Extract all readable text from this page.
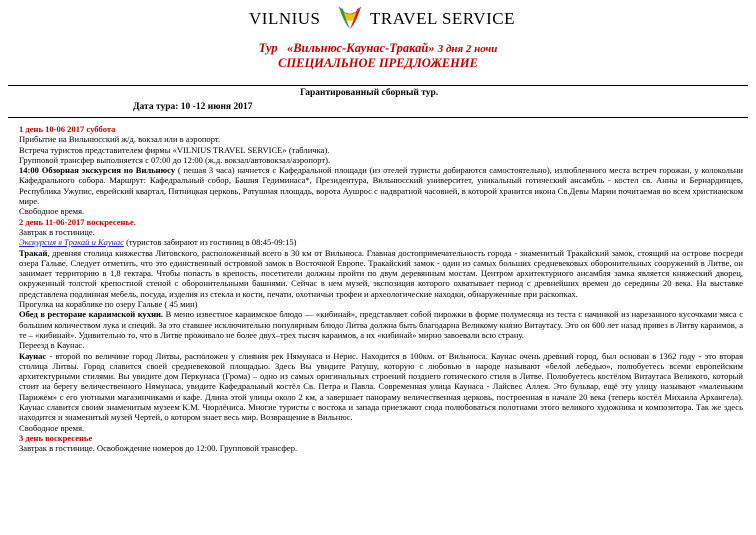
VILNIUS	TRAVEL SERVICE
Тур «Вильнюс-Каунас-Тракай» 3 дня 2 ночи
СПЕЦИАЛЬНОЕ ПРЕДЛОЖЕНИЕ
Гарантированный сборный тур.
Дата тура: 10 -12 июня 2017

1 день 10-06 2017 суббота

Прибытие на Вильнюсский ж/д. вокзал или в аэропорт.

Встреча туристов представителем фирмы «VILNIUS TRAVEL SERVICE» (табличка).

Групповой трансфер выполняется с 07:00 до 12:00 (ж.д. вокзал/автовокзал/аэропорт).

14:00 Обзорная экскурсия по Вильнюсу ( пешая 3 часа) начнется с Кафедральной площади (из отелей туристы добираются самостоятельно), излюбленного места встреч горожан, у колокольни Кафедрального собора. Маршрут: Кафедральный собор, Башня Гедиминаса*, Президентура, Вильнюсский университет, уникальный готический ансамбль - костел св. Анны и Бернардинцев, Республика Ужупис, еврейский квартал, Пятницкая церковь, Ратушная площадь, ворота Аушрос с надвратной часовней, в которой хранится икона Св.Девы Марии почитаемая во всем христианском мире.

Свободное время.

2 день 11-06-2017 воскресенье.

Завтрак в гостинице.

Экскурсия в Тракай и Каунас (туристов забирают из гостиниц в 08:45-09:15)

Тракай, древняя столица княжества Литовского, расположенный всего в 30 км от Вильнюса. Главная достопримечательность города - знаменитый Тракайский замок, стоящий на острове посреди озера Гальве. Следует отметить, что это единственный островной замок в Восточной Европе. Тракайский замок - один из самых больших средневековых оборонительных сооружений в Литве, он занимает территорию в 1,8 гектара. Чтобы попасть в крепость, посетители должны пройти по двум деревянным мостам. Центром архитектурного ансамбля замка является княжеский дворец, окруженный толстой крепостной стеной с оборонительными башнями. Сейчас в нем музей, экспозиция которого охватывает период с древнейших времен до середины 20 века. На выставке представлена подлинная мебель, посуда, изделия из стекла и кости, печати, охотничьи трофеи и археологические находки, обнаруженные при раскопках.

Прогулка на кораблике по озеру Гальве ( 45 мин)

Обед в ресторане караимской кухни. В меню известное караимское блюдо — «кибинай», представляет собой пирожки в форме полумесяца из теста с начинкой из нарезанного кусочками мяса с большим количеством лука и специй. За это ставшее исключительно популярным блюдо Литва должна быть благодарна Великому князю Витаутасу. Это он 600 лет назад привез в Литву караимов, а те – «кибинай». Удивительно то, что в Литве проживало не более двух–трех тысяч караимов, а их «кибинай» мирно завоевали всю страну.

Переезд в Каунас.

Каунас - второй по величине город Литвы, расположен у слияния рек Нямунаса и Нерис. Находится в 100км. от Вильнюса. Каунас очень древний город, был основан в 1362 году - это вторая столица Литвы. Город славится своей средневековой площадью. Здесь Вы увидите Ратушу, которую с любовью в народе называют «белой лебедью», полюбуетесь всеми европейским архитектурными стилями. Вы увидите дом Перкунаса (Грома) – одно из самых оригинальных строений позднего готического стиля в Литве. Полюбуетесь костёлом Витаутаса Великого, который стоит на берегу величественного Нямунаса, увидите Кафедральный костёл Св. Петра и Павла. Современная улица Каунаса - Лайсвес Аллея. Это бульвар, ещё эту улицу называют «маленьким Парижем» с его уютными магазинчиками и кафе. Длина этой улицы около 2 км, а завершает панораму величественная церковь, построенная в начале 20 века (теперь костёл Михаила Архангела). Каунас славится своим знаменитым музеем К.М. Чюрлёниса. Многие туристы с востока и запада приезжают сюда полюбоваться полотнами этого великого художника и композитора. Так же здесь находится и знаменитый музей Чертей, о котором знает весь мир. Возвращение в Вильнюс.

Свободное время.

3 день воскресенье

Завтрак в гостинице. Освобождение номеров до 12:00. Групповой трансфер.
